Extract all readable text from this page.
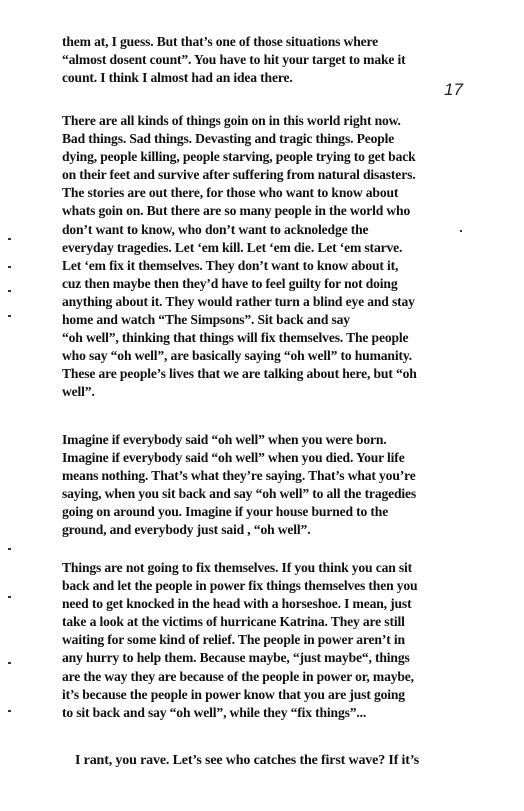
17

them at, I guess. But that’s one of those situations where
“almost dosent count”. You have to hit your target to make it
count. I think I almost had an idea there.

There are all kinds of things goin on in this world right now.
Bad things. Sad things. Devasting and tragic things. People
dying, people killing, people starving, people trying to get back
on their feet and survive after suffering from natural disasters.
The stories are out there, for those who want to know about
whats goin on. But there are so many people in the world who
don’t want to know, who don’t want to acknoledge the
everyday tragedies. Let ‘em kill. Let ‘em die. Let ‘em starve.
Let ‘em fix it themselves. They don’t want to know about it,
cuz then maybe then they’d have to feel guilty for not doing
anything about it. They would rather turn a blind eye and stay
home and watch “The Simpsons”. Sit back and say
“oh well”, thinking that things will fix themselves. The people
who say “oh well”, are basically saying “oh well” to humanity.
These are people’s lives that we are talking about here, but “oh
well”.

Imagine if everybody said “oh well” when you were born.
Imagine if everybody said “oh well” when you died. Your life
means nothing. That’s what they’re saying. That’s what you’re
saying, when you sit back and say “oh well” to all the tragedies
going on around you. Imagine if your house burned to the
ground, and everybody just said , “oh well”.

Things are not going to fix themselves. If you think you can sit
back and let the people in power fix things themselves then you
need to get knocked in the head with a horseshoe. I mean, just
take a look at the victims of hurricane Katrina. They are still
waiting for some kind of relief. The people in power aren’t in
any hurry to help them. Because maybe, “just maybe“, things
are the way they are because of the people in power or, maybe,
it’s because the people in power know that you are just going
to sit back and say “oh well”, while they “fix things”...

I rant, you rave. Let’s see who catches the first wave? If it’s
